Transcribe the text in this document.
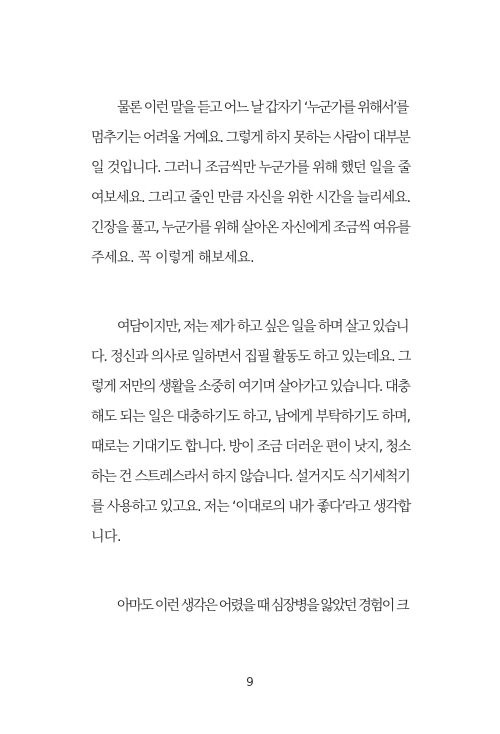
물론 이런 말을 듣고 어느 날 갑자기 ‘누군가를 위해서’를
멈추기는 어려울 거예요. 그렇게 하지 못하는 사람이 대부분
일 것입니다. 그러니 조금씩만 누군가를 위해 했던 일을 줄
여보세요. 그리고 줄인 만큼 자신을 위한 시간을 늘리세요.
긴장을 풀고, 누군가를 위해 살아온 자신에게 조금씩 여유를
주세요. 꼭 이렇게 해보세요.
여담이지만, 저는 제가 하고 싶은 일을 하며 살고 있습니
다. 정신과 의사로 일하면서 집필 활동도 하고 있는데요. 그
렇게 저만의 생활을 소중히 여기며 살아가고 있습니다. 대충
해도 되는 일은 대충하기도 하고, 남에게 부탁하기도 하며,
때로는 기대기도 합니다. 방이 조금 더러운 편이 낫지, 청소
하는 건 스트레스라서 하지 않습니다. 설거지도 식기세척기
를 사용하고 있고요. 저는 ‘이대로의 내가 좋다’라고 생각합
니다.
아마도 이런 생각은 어렸을 때 심장병을 앓았던 경험이 크
9
